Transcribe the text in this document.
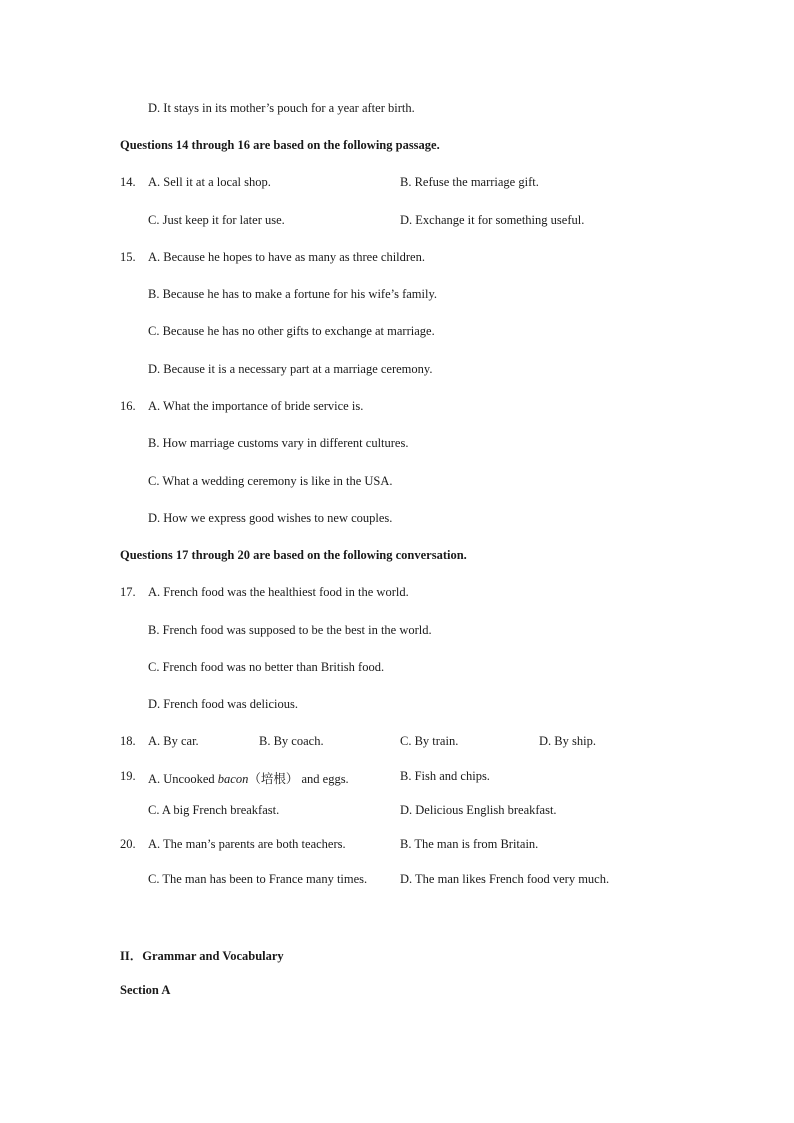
D. It stays in its mother’s pouch for a year after birth.
Questions 14 through 16 are based on the following passage.
14. A. Sell it at a local shop.	B. Refuse the marriage gift.
C. Just keep it for later use.	D. Exchange it for something useful.
15. A. Because he hopes to have as many as three children.
B. Because he has to make a fortune for his wife’s family.
C. Because he has no other gifts to exchange at marriage.
D. Because it is a necessary part at a marriage ceremony.
16. A. What the importance of bride service is.
B. How marriage customs vary in different cultures.
C. What a wedding ceremony is like in the USA.
D. How we express good wishes to new couples.
Questions 17 through 20 are based on the following conversation.
17. A. French food was the healthiest food in the world.
B. French food was supposed to be the best in the world.
C. French food was no better than British food.
D. French food was delicious.
18. A. By car.	B. By coach.	C. By train.	D. By ship.
19. A. Uncooked bacon（培根） and eggs.	B. Fish and chips.
C. A big French breakfast.	D. Delicious English breakfast.
20. A. The man’s parents are both teachers.	B. The man is from Britain.
C. The man has been to France many times.	D. The man likes French food very much.
II．Grammar and Vocabulary
Section A
